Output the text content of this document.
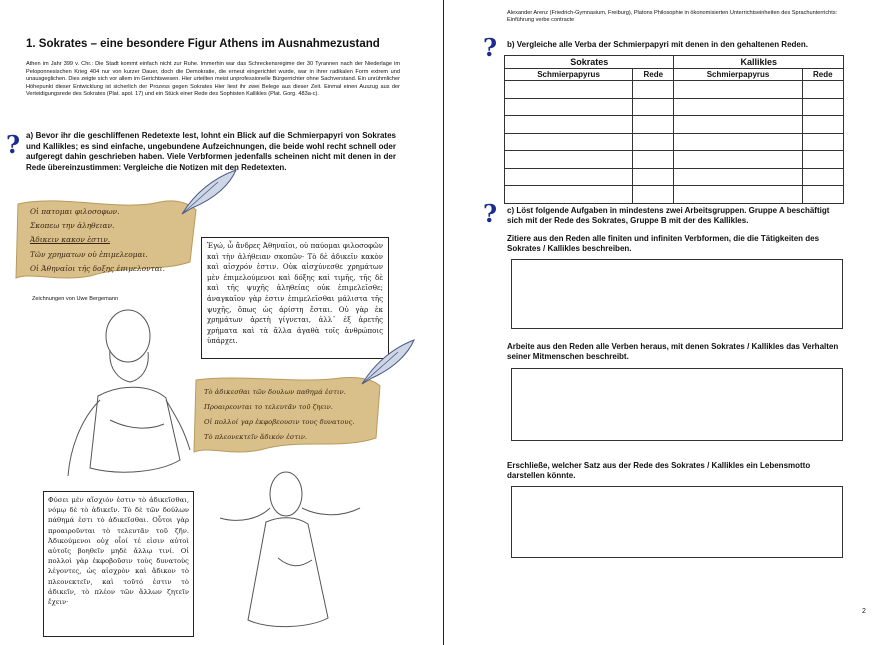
1. Sokrates – eine besondere Figur Athens im Ausnahmezustand
Athen im Jahr 399 v. Chr.: Die Stadt kommt einfach nicht zur Ruhe. Immerhin war das Schreckensregime der 30 Tyrannen nach der Niederlage im Peloponnesischen Krieg 404 nur von kurzer Dauer, doch die Demokratie, die erneut eingerichtet wurde, war in ihrer radikalen Form extrem und unausgeglichen. Dies zeigte sich vor allem im Gerichtswesen. Hier urteilten meist unprofessionelle Bürgerrichter ohne Sachverstand. Ein unrühmlicher Höhepunkt dieser Entwicklung ist sicherlich der Prozess gegen Sokrates Hier liest ihr zwei Belege aus dieser Zeit. Einmal einen Auszug aus der Verteidigungsrede des Sokrates (Plat. apol. 17) und ein Stück einer Rede des Sophisten Kallikles (Plat. Gorg. 483a-c).
? a) Bevor ihr die geschliffenen Redetexte lest, lohnt ein Blick auf die Schmierpapyri von Sokrates und Kallikles; es sind einfache, ungebundene Aufzeichnungen, die beide wohl recht schnell oder aufgeregt dahin geschrieben haben. Viele Verbformen jedenfalls scheinen nicht mit denen in der Rede übereinzustimmen: Vergleiche die Notizen mit den Redetexten.
Οἱ πατομαι φιλοσοφων.
Σκοπεω την ἀληθειαν.
Ἀδικειν κακον ἐστιν.
Τῶν χρηματων οὐ ἐπιμελεομαι.
Οἱ Ἀθηναῖοι τῆς δοξης ἐπιμελονται.
Zeichnungen von Uwe Bergemann
Ἐγώ, ὦ ἄνδρες Ἀθηναῖοι, οὐ παύομαι φιλοσοφῶν καὶ τὴν ἀλήθειαν σκοπῶν· Τὸ δὲ ἀδικεῖν κακὸν καὶ αἰσχρόν ἐστιν. Οὐκ αἰσχύνεσθε χρημάτων μὲν ἐπιμελούμενοι καὶ δόξης καὶ τιμῆς, τῆς δὲ καὶ τῆς ψυχῆς ἀληθείας οὐκ ἐπιμελεῖσθε; ἀναγκαῖον γὰρ ἐστιν ἐπιμελεῖσθαι μάλιστα τῆς ψυχῆς, ὅπως ὡς ἀρίστη ἔσται. Οὐ γὰρ ἐκ χρημάτων ἀρετὴ γίγνεται, ἀλλ᾽ ἐξ ἀρετῆς χρήματα καὶ τὰ ἄλλα ἀγαθὰ τοῖς ἀνθρώποις ὑπάρχει.
Τὸ ἀδικεσθαι τῶν δουλων παθημά ἐστιν.
Προαιρεονται το τελευτᾶν τοῦ ζηειν.
Οἱ πολλοί γαρ ἐκφοβεουσιν τους δυνατους.
Τὸ πλεονεκτεῖν ἄδικόν ἐστιν.
Φύσει μὲν αἴσχιόν ἐστιν τὸ ἀδικεῖσθαι, νόμῳ δὲ τὸ ἀδικεῖν. Τὸ δὲ τῶν δούλων πάθημά ἐστι τὸ ἀδικεῖσθαι. Οὗτοι γὰρ προαιροῦνται τὸ τελευτᾶν τοῦ ζῆν. Ἀδικούμενοι οὐχ οἷοί τέ εἰσιν αὐτοὶ αὑτοῖς βοηθεῖν μηδὲ ἄλλῳ τινί. Οἱ πολλοὶ γὰρ ἐκφοβοῦσιν τοὺς δυνατοὺς λέγοντες, ὡς αἰσχρὸν καὶ ἄδικον τὸ πλεονεκτεῖν, καὶ τοῦτό ἐστιν τὸ ἀδικεῖν, τὸ πλέον τῶν ἄλλων ζητεῖν ἔχειν·
Alexander Arenz (Friedrich-Gymnasium, Freiburg), Platons Philosophie in ökonomisierten Unterrichtseinheiten des Sprachunterrichts: Einführung verbe contracte
? b) Vergleiche alle Verba der Schmierpapyri mit denen in den gehaltenen Reden.
Sokrates		Kallikles	
Schmierpapyrus	Rede	Schmierpapyrus	Rede

? c) Löst folgende Aufgaben in mindestens zwei Arbeitsgruppen. Gruppe A beschäftigt sich mit der Rede des Sokrates, Gruppe B mit der des Kallikles.
Zitiere aus den Reden alle finiten und infiniten Verbformen, die die Tätigkeiten des Sokrates / Kallikles beschreiben.
Arbeite aus den Reden alle Verben heraus, mit denen Sokrates / Kallikles das Verhalten seiner Mitmenschen beschreibt.
Erschließe, welcher Satz aus der Rede des Sokrates / Kallikles ein Lebensmotto darstellen könnte.
2
